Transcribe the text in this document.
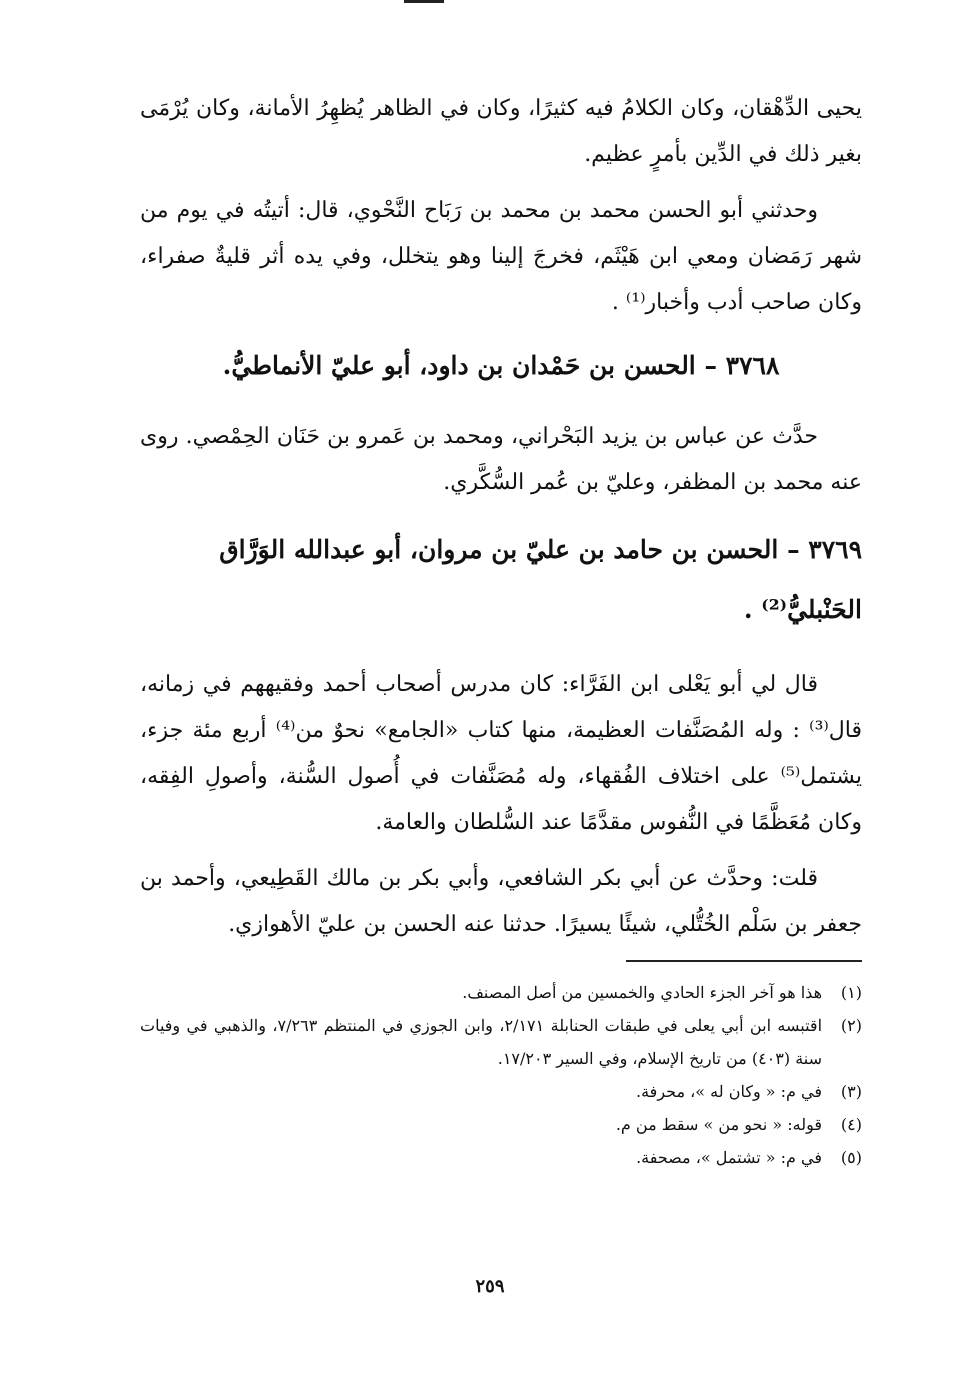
يحيى الدِّهْقان، وكان الكلامُ فيه كثيرًا، وكان في الظاهر يُظهِرُ الأمانة، وكان يُرْمَى بغير ذلك في الدِّين بأمرٍ عظيم.

وحدثني أبو الحسن محمد بن محمد بن رَبَاح النَّحْوي، قال: أتيتُه في يوم من شهر رَمَضان ومعي ابن هَيْثَم، فخرجَ إلينا وهو يتخلل، وفي يده أثر قليةٌ صفراء، وكان صاحب أدب وأخبار⁽¹⁾ .

٣٧٦٨ – الحسن بن حَمْدان بن داود، أبو عليّ الأنماطيُّ.

حدَّث عن عباس بن يزيد البَحْراني، ومحمد بن عَمرو بن حَنَان الحِمْصي. روى عنه محمد بن المظفر، وعليّ بن عُمر السُّكَّري.

٣٧٦٩ – الحسن بن حامد بن عليّ بن مروان، أبو عبدالله الوَرَّاق الحَنْبليُّ⁽²⁾ .

قال لي أبو يَعْلى ابن الفَرَّاء: كان مدرس أصحاب أحمد وفقيههم في زمانه، قال⁽³⁾ : وله المُصَنَّفات العظيمة، منها كتاب «الجامع» نحوٌ من⁽⁴⁾ أربع مئة جزء، يشتمل⁽⁵⁾ على اختلاف الفُقهاء، وله مُصَنَّفات في أُصول السُّنة، وأصولِ الفِقه، وكان مُعَظَّمًا في النُّفوس مقدَّمًا عند السُّلطان والعامة.

قلت: وحدَّث عن أبي بكر الشافعي، وأبي بكر بن مالك القَطِيعي، وأحمد بن جعفر بن سَلْم الخُتُّلي، شيئًا يسيرًا. حدثنا عنه الحسن بن عليّ الأهوازي.

(١)
هذا هو آخر الجزء الحادي والخمسين من أصل المصنف.
(٢)
اقتبسه ابن أبي يعلى في طبقات الحنابلة ٢/١٧١، وابن الجوزي في المنتظم ٧/٢٦٣، والذهبي في وفيات سنة (٤٠٣) من تاريخ الإسلام، وفي السير ١٧/٢٠٣.
(٣)
في م: « وكان له »، محرفة.
(٤)
قوله: « نحو من » سقط من م.
(٥)
في م: « تشتمل »، مصحفة.
٢٥٩
